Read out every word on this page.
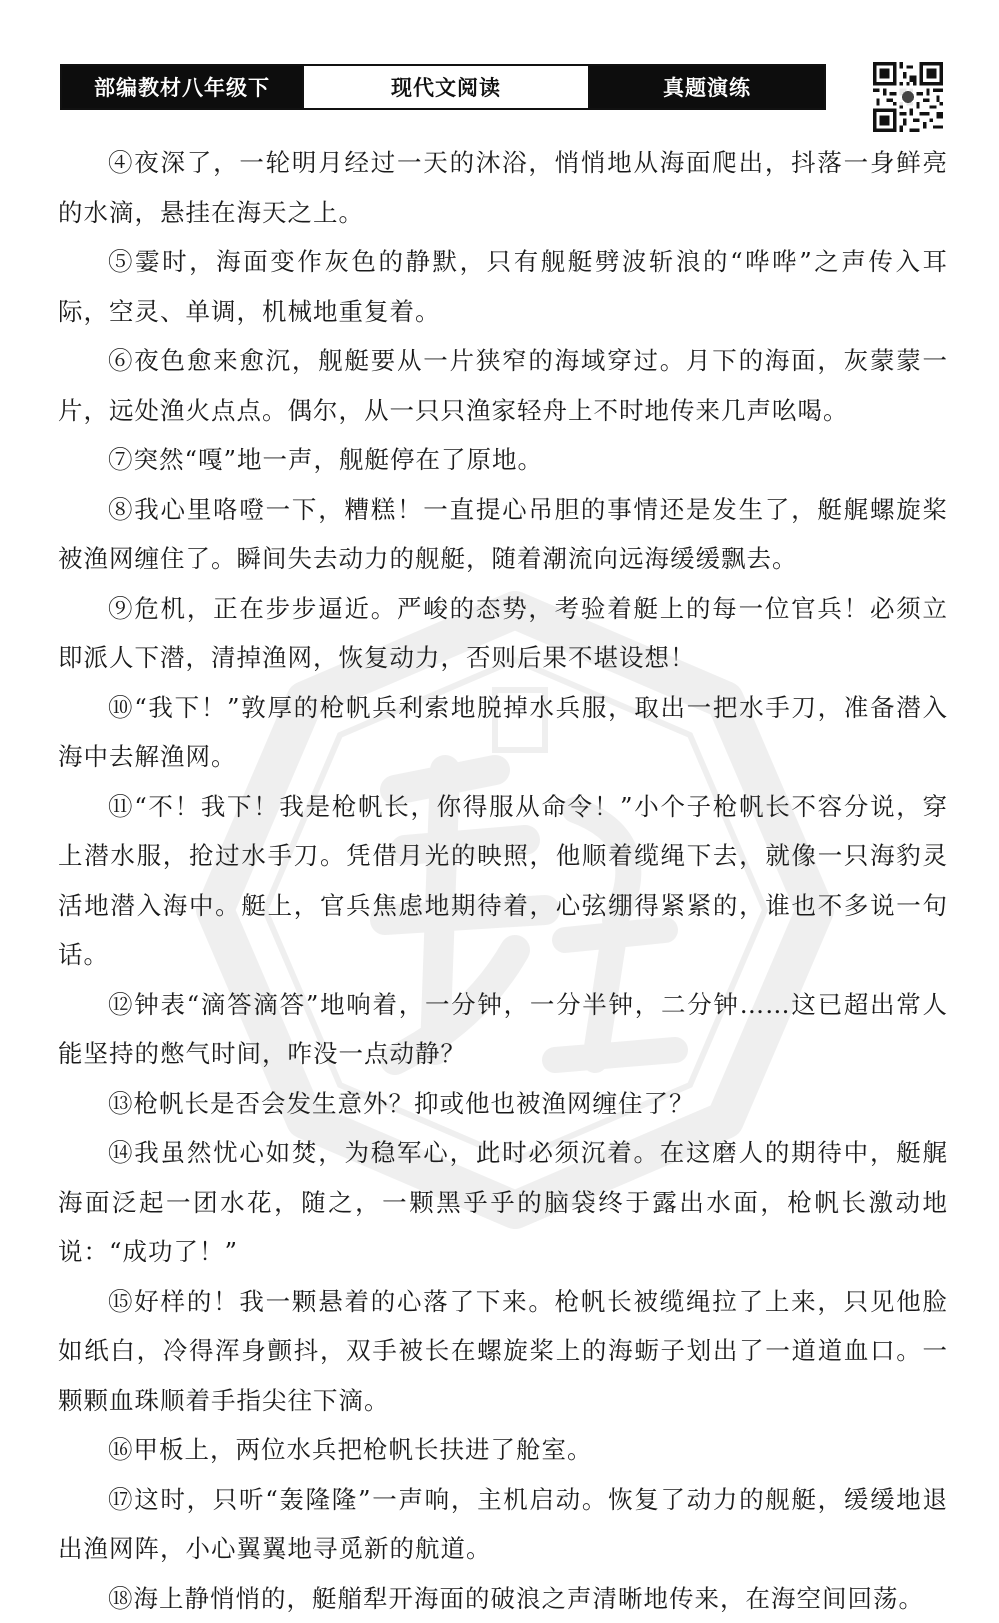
部编教材八年级下	现代文阅读	真题演练

④夜深了，一轮明月经过一天的沐浴，悄悄地从海面爬出，抖落一身鲜亮的水滴，悬挂在海天之上。

⑤霎时，海面变作灰色的静默，只有舰艇劈波斩浪的“哗哗”之声传入耳际，空灵、单调，机械地重复着。

⑥夜色愈来愈沉，舰艇要从一片狭窄的海域穿过。月下的海面，灰蒙蒙一片，远处渔火点点。偶尔，从一只只渔家轻舟上不时地传来几声吆喝。

⑦突然“嘎”地一声，舰艇停在了原地。

⑧我心里咯噔一下，糟糕！一直提心吊胆的事情还是发生了，艇艉螺旋桨被渔网缠住了。瞬间失去动力的舰艇，随着潮流向远海缓缓飘去。

⑨危机，正在步步逼近。严峻的态势，考验着艇上的每一位官兵！必须立即派人下潜，清掉渔网，恢复动力，否则后果不堪设想！

⑩“我下！”敦厚的枪帆兵利索地脱掉水兵服，取出一把水手刀，准备潜入海中去解渔网。

⑪“不！我下！我是枪帆长，你得服从命令！”小个子枪帆长不容分说，穿上潜水服，抢过水手刀。凭借月光的映照，他顺着缆绳下去，就像一只海豹灵活地潜入海中。艇上，官兵焦虑地期待着，心弦绷得紧紧的，谁也不多说一句话。

⑫钟表“滴答滴答”地响着，一分钟，一分半钟，二分钟……这已超出常人能坚持的憋气时间，咋没一点动静？

⑬枪帆长是否会发生意外？抑或他也被渔网缠住了？

⑭我虽然忧心如焚，为稳军心，此时必须沉着。在这磨人的期待中，艇艉海面泛起一团水花，随之，一颗黑乎乎的脑袋终于露出水面，枪帆长激动地说：“成功了！”

⑮好样的！我一颗悬着的心落了下来。枪帆长被缆绳拉了上来，只见他脸如纸白，冷得浑身颤抖，双手被长在螺旋桨上的海蛎子划出了一道道血口。一颗颗血珠顺着手指尖往下滴。

⑯甲板上，两位水兵把枪帆长扶进了舱室。

⑰这时，只听“轰隆隆”一声响，主机启动。恢复了动力的舰艇，缓缓地退出渔网阵，小心翼翼地寻觅新的航道。

⑱海上静悄悄的，艇艏犁开海面的破浪之声清晰地传来，在海空间回荡。
